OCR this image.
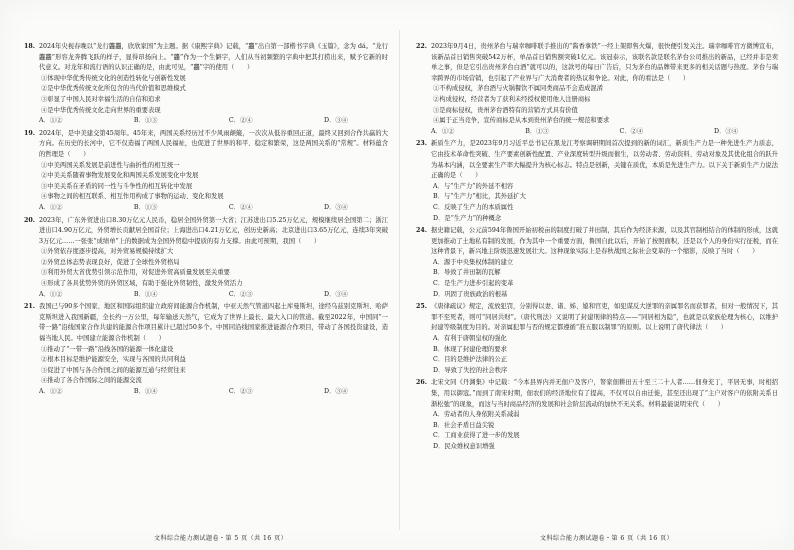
18. 2024年央视春晚以“龙行龘龘，欣欣家国”为主题。据《康熙字典》记载，“龘”出自第一部楷书字典《玉篇》，念为 dá。“龙行龘龘”形容龙奔腾飞跃的样子，显得昂扬向上。“龘”作为一个生僻字，人们从当初频繁的字典中把其打捞出来，赋予它新的时代意义。对龙年和流行语的认识正确的是，由此可见，“龘”字的使用（　　）

①体现中华优秀传统文化的创造性转化与创新性发展
②是中华优秀传统文化所包含的当代价值和思维模式
③彰显了中国人民对幸福生活的自信和追求
④是中华优秀传统文化走向世界的重要表现
A．①②	B．①③	C．②④	D．③④
19. 2024年，是中美建交第45周年。45年来，两国关系经历过不少风雨颠簸，一次次从低谷重回正道，最终又回到合作共赢的大方向。在历史的长河中，它不仅造福了两国人民福祉，也促进了世界的和平、稳定和繁荣，这是两国关系的“常规”。材料蕴含的哲理是（　　）

①中美两国关系发展是前进性与曲折性的相互统一
②中美关系随着事物发展变化和两国关系发展变化中发展
③中美关系在矛盾的同一性与斗争性的相互转化中发展
④事物之间的相互联系、相互作用构成了事物的运动、变化和发展
A．①②	B．①③	C．②④	D．③④
20. 2023年，广东外贸进出口8.30万亿元人民币，稳居全国外贸第一大省；江苏进出口5.25万亿元，规模继续居全国第二；浙江进出口4.90万亿元，外贸增长贡献居全国首位；上海进出口4.21万亿元，创历史新高；北京进出口3.65万亿元，连续3年突破3万亿元……一张张“成绩单”上的数据成为全国外贸稳中提质的有力支撑。由此可预期，我国（　　）

①外贸依存度逐步提高，对外贸易规模持续扩大
②外贸总体态势表现良好，促进了全球性外贸格局
③利用外贸大省优势引领示范作用，对促进外贸高质量发展至关重要
④形成了各具优势外贸的外贸区域，有助于强化外贸韧性，激发外贸活力
A．①②	B．①④	C．②③	D．③④
21. 我国已与90多个国家、地区和国际组织建立政府间能源合作机制，中亚天然气管道四起土库曼斯坦，途经乌兹别克斯坦、哈萨克斯坦进入我国新疆，全长约一万公里，每年输送天然气，它成为了世界上最长、最大入口的管道。截至2022年，中国同“一带一路”沿线国家合作共建的能源合作项目累计已超过50多个。中国同沿线国家推进能源合作项目，带动了各国投资建设，造福当地人民。中国建立能源合作机制（　　）

①推动了“一带一路”沿线各国的能源一体化建设
②根本目标是维护能源安全，实现与各国的共同利益
③促进了中国与各合作国之间的能源互通与经贸往来
④推动了各合作国际之间的能源交流
A．①②	B．①④	C．②③	D．③④
22. 2023年9月4日，贵州茅台与瑞幸咖啡联手推出的“酱香拿铁”一经上架即售火爆，很快便引发关注。瑞幸咖啡官方微博宣布，该新品首日销售突破542万杯，单品首日销售额突破1亿元。该冠泰示，该联名款是联名茅台公司推出的新品，已经并非是卖单之事，但是它引出贵州茅台白酒”就可以的，这款号的每日广告后，只为茅台的品牌带来更多的相关话题与热度。茅台与瑞幸跨界的市场营销，也引起了产业界与广大消费者的热议和争论。对此，你的看法是（　　）

①不构成侵权，茅台酒与火锅餐饮不属同类商品不会造成混淆
②构成侵权，经营者为了获利未经授权使用他人注册商标
③是商标侵权，贵州茅台酒特有的营销方式具有价值
④属于正当竞争，宣传商标是从本到贵州茅台的统一规范和要求
A．①②	B．①③	C．②④	D．③④
23. 新质生产力，是2023年9月习近平总书记在黑龙江考察调研期间首次提到的新的词汇，新质生产力是一种先进生产力质态，它由技术革命性突破、生产要素创新性配置、产业深度转型升级而催生，以劳动者、劳动资料、劳动对象及其优化组合的跃升为基本内涵，以全要素生产率大幅提升为核心标志。特点是创新，关键在质优，本质是先进生产力。以下关于新质生产力说法正确的是（　　）

A．与“生产力”的外延不相容
B．与“生产力”相比，其外延扩大
C．反映了生产力的本质属性
D．是“生产力”的种概念
24. 据史籍记载，公元前594年鲁国开始初税亩的制度打破了井田制，其后作为经济来源，以及其官制相结合的体制的形成，这就更加推动了土地私有制的发展，作为其中一个重要方面，鲁国自此以后，开始了按照面积，还是以个人的身份实行征税，而在这种背景下，新兴地主阶级迅速发展壮大。这种现象实际上是春秋战国之际社会变革的一个缩影，反映了当时（　　）

A．源于中央集权体制的建立
B．导致了井田制的瓦解
C．是生产力进步引起的变革
D．巩固了贵族政治的根基
25. 《唐律疏议》规定，流放犯罚，分别得以妻、诸、姊、媳和官吏，如犯谋反大逆罪的亲属罪名而获罪者，但对一般情况下，其罪不至死者，则可“同居共财”。（唐代刑法）又说明了封建刑律的特点——“同居相为隐”，也就是以家族伦理为核心，以维护封建等级制度为目的。对亲属犯罪与否的规定都遵循“准五服以制罪”的原则。以上说明了唐代律法（　　）

A．有利于唐朝皇权的强化
B．体现了封建伦理的要求
C．目的是维护法律的公正
D．导致了失控的社会秩序
26. 北宋文同《丹渊集》中记载：“今本县界内并无佃户及客户，帑家佃耕田五十至三二十人者……佃身充丁，平居无事，时相招集，用以御寇。”而到了南宋时期，佃农们的经济地位有了提高，不仅可以自由迁徙，甚至还出现了“主户对客户的依附关系日渐松弛”的现象，而这与当时商品经济的发展和社会阶层流动的加快不无关系。材料最能说明宋代（　　）

A．劳动者的人身依附关系减弱
B．社会矛盾日益尖锐
C．工商业获得了进一步的发展
D．民众维权意识增强
文科综合能力测试题卷・第 5 页（共 16 页）	文科综合能力测试题卷・第 6 页（共 16 页）
